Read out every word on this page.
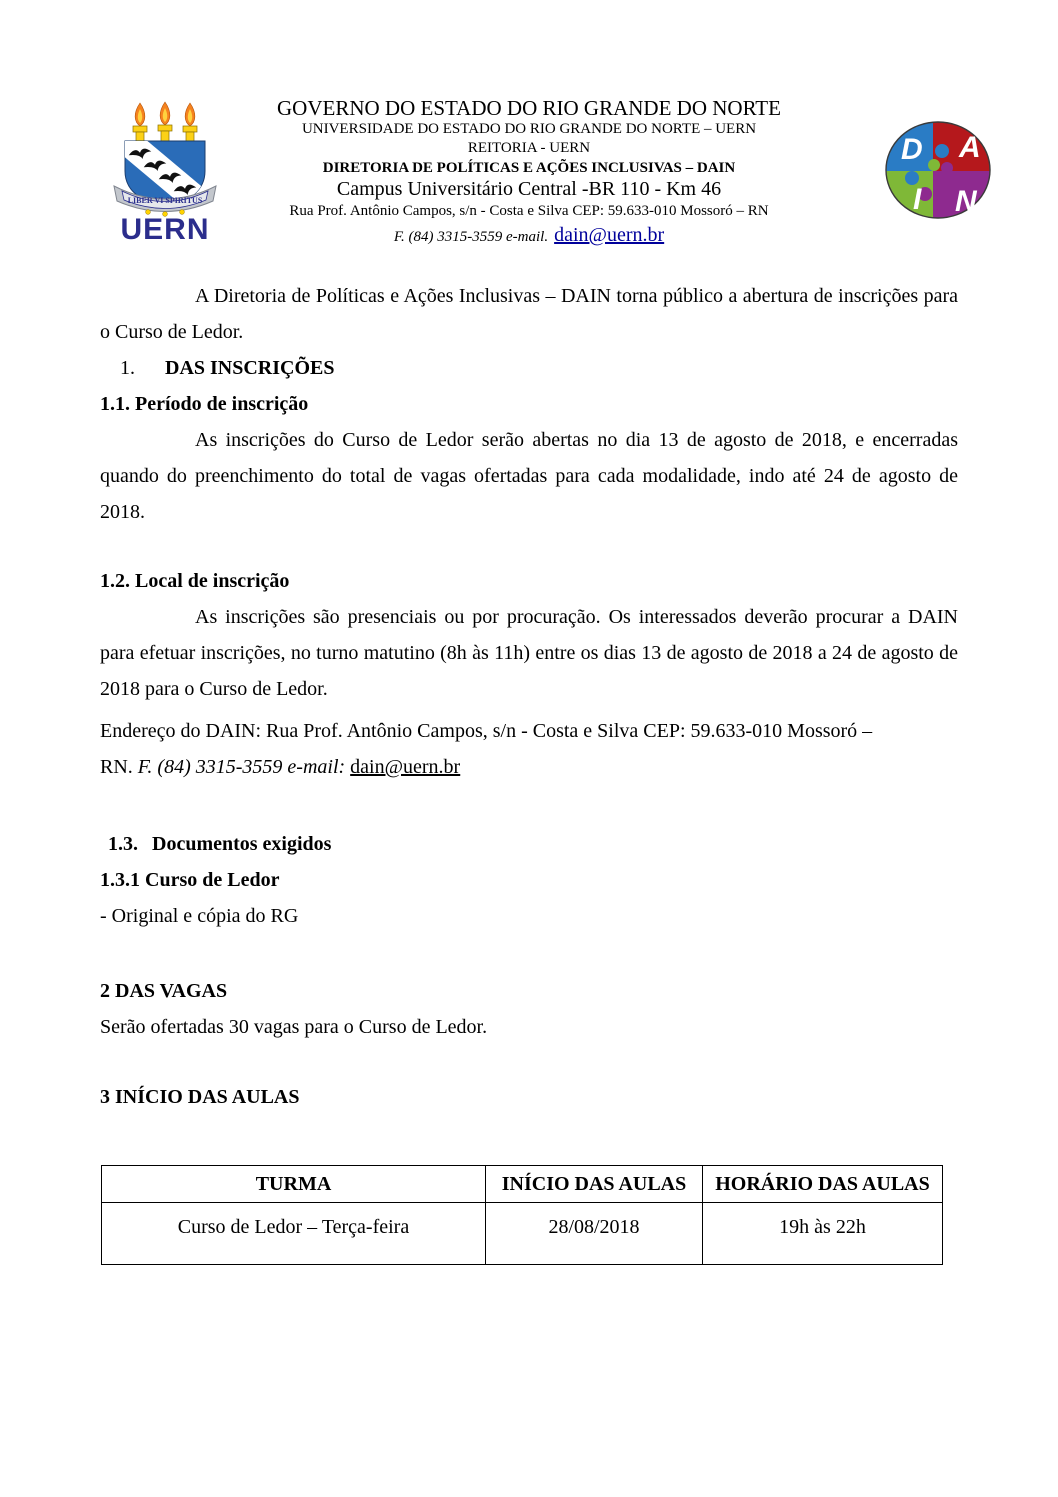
LIBER VI SPIRITUS
UERN
GOVERNO DO ESTADO DO RIO GRANDE DO NORTE
UNIVERSIDADE DO ESTADO DO RIO GRANDE DO NORTE – UERN
REITORIA - UERN
DIRETORIA DE POLÍTICAS E AÇÕES INCLUSIVAS – DAIN
Campus Universitário Central -BR 110 - Km 46
Rua Prof. Antônio Campos, s/n - Costa e Silva CEP: 59.633-010 Mossoró – RN
F. (84) 3315-3559 e-mail. dain@uern.br
D A
I N

A Diretoria de Políticas e Ações Inclusivas – DAIN torna público a abertura de inscrições para o Curso de Ledor.

1. DAS INSCRIÇÕES
1.1. Período de inscrição

As inscrições do Curso de Ledor serão abertas no dia 13 de agosto de 2018, e encerradas quando do preenchimento do total de vagas ofertadas para cada modalidade, indo até 24 de agosto de 2018.

1.2. Local de inscrição

As inscrições são presenciais ou por procuração. Os interessados deverão procurar a DAIN para efetuar inscrições, no turno matutino (8h às 11h) entre os dias 13 de agosto de 2018 a 24 de agosto de 2018 para o Curso de Ledor.

Endereço do DAIN: Rua Prof. Antônio Campos, s/n - Costa e Silva CEP: 59.633-010 Mossoró –
RN. F. (84) 3315-3559 e-mail: dain@uern.br
1.3. Documentos exigidos
1.3.1 Curso de Ledor
- Original e cópia do RG
2 DAS VAGAS
Serão ofertadas 30 vagas para o Curso de Ledor.
3 INÍCIO DAS AULAS
TURMA	INÍCIO DAS AULAS	HORÁRIO DAS AULAS
Curso de Ledor – Terça-feira	28/08/2018	19h às 22h
